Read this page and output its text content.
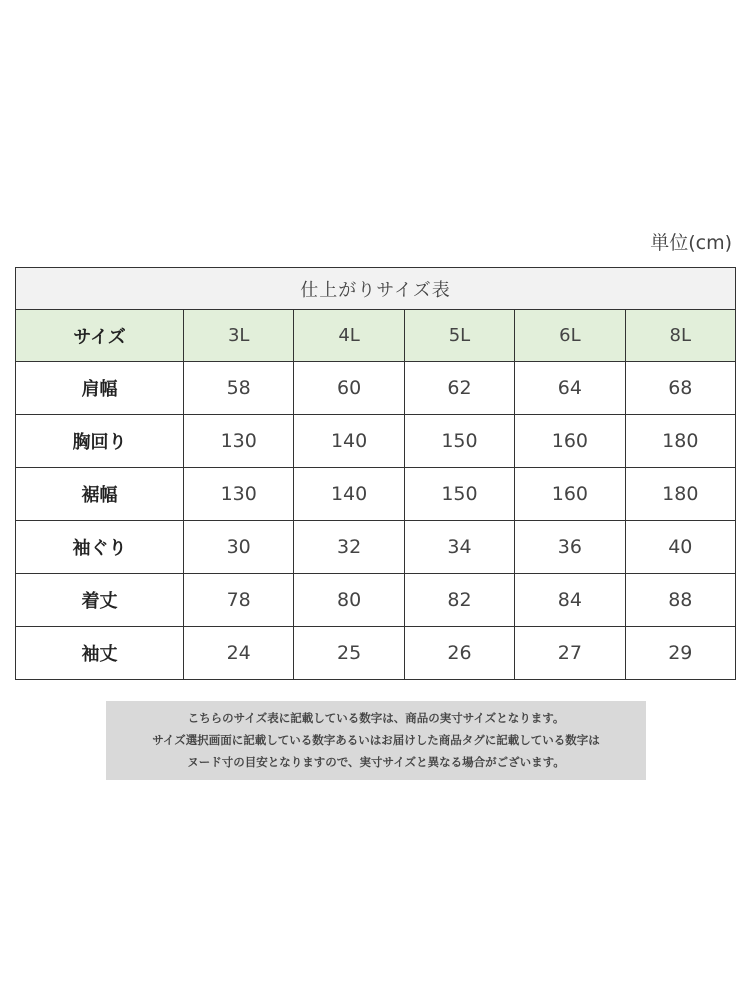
単位(cm)
仕上がりサイズ表					
サイズ	3L	4L	5L	6L	8L
肩幅	58	60	62	64	68
胸回り	130	140	150	160	180
裾幅	130	140	150	160	180
袖ぐり	30	32	34	36	40
着丈	78	80	82	84	88
袖丈	24	25	26	27	29
こちらのサイズ表に記載している数字は、商品の実寸サイズとなります。
サイズ選択画面に記載している数字あるいはお届けした商品タグに記載している数字は
ヌード寸の目安となりますので、実寸サイズと異なる場合がございます。
